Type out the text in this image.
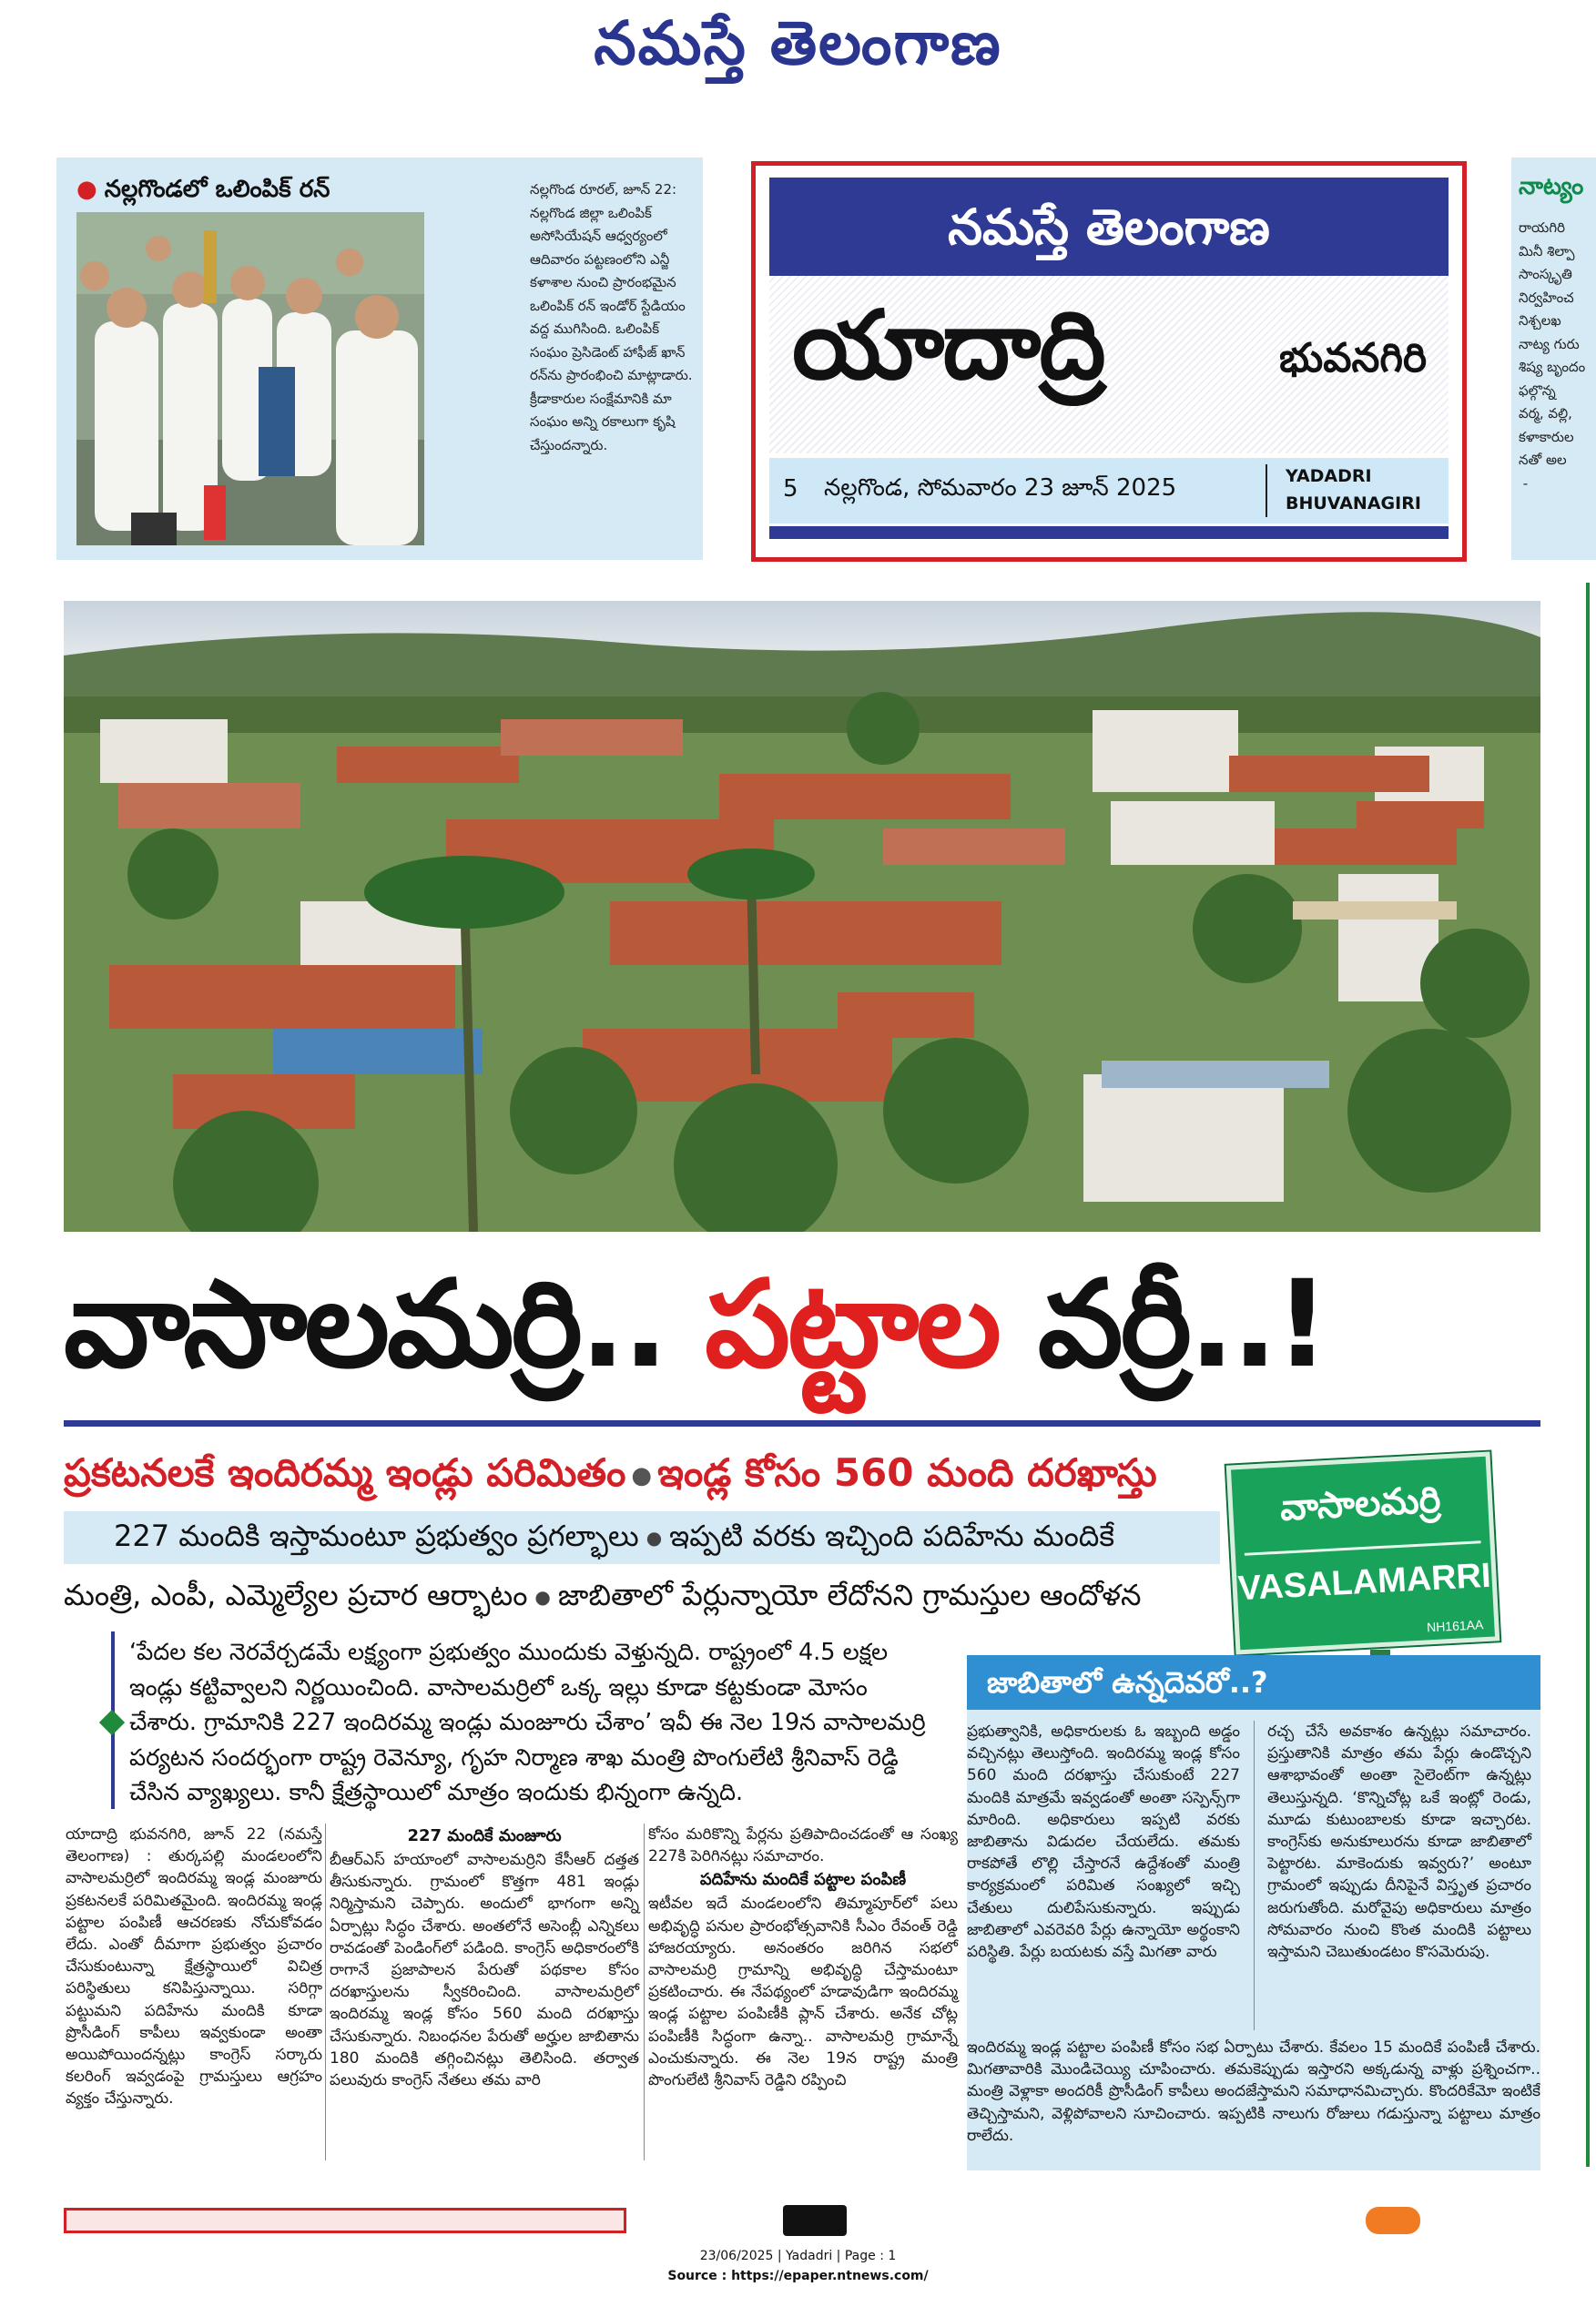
నమస్తే తెలంగాణ
● నల్లగొండలో ఒలింపిక్ రన్	నల్లగొండ రూరల్, జూన్ 22: నల్లగొండ జిల్లా ఒలింపిక్ అసోసియేషన్ ఆధ్వర్యంలో ఆదివారం పట్టణంలోని ఎన్జీ కళాశాల నుంచి ప్రారంభమైన ఒలింపిక్ రన్ ఇండోర్ స్టేడియం వద్ద ముగిసింది. ఒలింపిక్ సంఘం ప్రెసిడెంట్ హాఫీజ్ ఖాన్ రన్‌ను ప్రారంభించి మాట్లాడారు. క్రీడాకారుల సంక్షేమానికి మా సంఘం అన్ని రకాలుగా కృషి చేస్తుందన్నారు.
నమస్తే తెలంగాణ
యాదాద్రి	భువనగిరి
5 నల్లగొండ, సోమవారం 23 జూన్ 2025	YADADRI
BHUVANAGIRI
నాట్యం
రాయగిరి
మినీ శిల్పా
సాంస్కృతి
నిర్వహించ
నిశ్చలఖ
నాట్య గురు
శిష్య బృందం
ఫల్గొన్న
వర్మ, వల్లి,
కళాకారుల
నతో అల
-
వాసాలమర్రి.. పట్టాల వర్రీ..!
ప్రకటనలకే ఇందిరమ్మ ఇండ్లు పరిమితం ● ఇండ్ల కోసం 560 మంది దరఖాస్తు
227 మందికి ఇస్తామంటూ ప్రభుత్వం ప్రగల్భాలు ● ఇప్పటి వరకు ఇచ్చింది పదిహేను మందికే
మంత్రి, ఎంపీ, ఎమ్మెల్యేల ప్రచార ఆర్భాటం ● జాబితాలో పేర్లున్నాయో లేదోనని గ్రామస్తుల ఆందోళన
వాసాలమర్రి
VASALAMARRI
NH161AA
‘పేదల కల నెరవేర్చడమే లక్ష్యంగా ప్రభుత్వం ముందుకు వెళ్తున్నది. రాష్ట్రంలో 4.5 లక్షల ఇండ్లు కట్టివ్వాలని నిర్ణయించింది. వాసాలమర్రిలో ఒక్క ఇల్లు కూడా కట్టకుండా మోసం చేశారు. గ్రామానికి 227 ఇందిరమ్మ ఇండ్లు మంజూరు చేశాం’ ఇవీ ఈ నెల 19న వాసాలమర్రి పర్యటన సందర్భంగా రాష్ట్ర రెవెన్యూ, గృహ నిర్మాణ శాఖ మంత్రి పొంగులేటి శ్రీనివాస్ రెడ్డి చేసిన వ్యాఖ్యలు. కానీ క్షేత్రస్థాయిలో మాత్రం ఇందుకు భిన్నంగా ఉన్నది.
జాబితాలో ఉన్నదెవరో..?
యాదాద్రి భువనగిరి, జూన్ 22 (నమస్తే తెలంగాణ) : తుర్కపల్లి మండలంలోని వాసాలమర్రిలో ఇందిరమ్మ ఇండ్ల మంజూరు ప్రకటనలకే పరిమితమైంది. ఇందిరమ్మ ఇండ్ల పట్టాల పంపిణీ ఆచరణకు నోచుకోవడం లేదు. ఎంతో దీమాగా ప్రభుత్వం ప్రచారం చేసుకుంటున్నా క్షేత్రస్థాయిలో విచిత్ర పరిస్థితులు కనిపిస్తున్నాయి. సరిగ్గా పట్టుమని పదిహేను మందికి కూడా ప్రొసీడింగ్ కాపీలు ఇవ్వకుండా అంతా అయిపోయిందన్నట్లు కాంగ్రెస్ సర్కారు కలరింగ్ ఇవ్వడంపై గ్రామస్తులు ఆగ్రహం వ్యక్తం చేస్తున్నారు.
227 మందికే మంజూరు
బీఆర్ఎస్ హయాంలో వాసాలమర్రిని కేసీఆర్ దత్తత తీసుకున్నారు. గ్రామంలో కొత్తగా 481 ఇండ్లు నిర్మిస్తామని చెప్పారు. అందులో భాగంగా అన్ని ఏర్పాట్లు సిద్ధం చేశారు. అంతలోనే అసెంబ్లీ ఎన్నికలు రావడంతో పెండింగ్‌లో పడింది. కాంగ్రెస్ అధికారంలోకి రాగానే ప్రజాపాలన పేరుతో పథకాల కోసం దరఖాస్తులను స్వీకరించింది. వాసాలమర్రిలో ఇందిరమ్మ ఇండ్ల కోసం 560 మంది దరఖాస్తు చేసుకున్నారు. నిబంధనల పేరుతో అర్హుల జాబితాను 180 మందికి తగ్గించినట్లు తెలిసింది. తర్వాత పలువురు కాంగ్రెస్ నేతలు తమ వారి
కోసం మరికొన్ని పేర్లను ప్రతిపాదించడంతో ఆ సంఖ్య 227కి పెరిగినట్లు సమాచారం.
పదిహేను మందికే పట్టాల పంపిణీ
ఇటీవల ఇదే మండలంలోని తిమ్మాపూర్‌లో పలు అభివృద్ధి పనుల ప్రారంభోత్సవానికి సీఎం రేవంత్ రెడ్డి హాజరయ్యారు. అనంతరం జరిగిన సభలో వాసాలమర్రి గ్రామాన్ని అభివృద్ధి చేస్తామంటూ ప్రకటించారు. ఈ నేపథ్యంలో హడావుడిగా ఇందిరమ్మ ఇండ్ల పట్టాల పంపిణీకి ప్లాన్ చేశారు. అనేక చోట్ల పంపిణీకి సిద్ధంగా ఉన్నా.. వాసాలమర్రి గ్రామాన్నే ఎంచుకున్నారు. ఈ నెల 19న రాష్ట్ర మంత్రి పొంగులేటి శ్రీనివాస్ రెడ్డిని రప్పించి
ప్రభుత్వానికి, అధికారులకు ఓ ఇబ్బంది అడ్డం వచ్చినట్లు తెలుస్తోంది. ఇందిరమ్మ ఇండ్ల కోసం 560 మంది దరఖాస్తు చేసుకుంటే 227 మందికి మాత్రమే ఇవ్వడంతో అంతా సస్పెన్స్‌గా మారింది. అధికారులు ఇప్పటి వరకు జాబితాను విడుదల చేయలేదు. తమకు రాకపోతే లొల్లి చేస్తారనే ఉద్దేశంతో మంత్రి కార్యక్రమంలో పరిమిత సంఖ్యలో ఇచ్చి చేతులు దులిపేసుకున్నారు. ఇప్పుడు జాబితాలో ఎవరెవరి పేర్లు ఉన్నాయో అర్థంకాని పరిస్థితి. పేర్లు బయటకు వస్తే మిగతా వారు
రచ్చ చేసే అవకాశం ఉన్నట్లు సమాచారం. ప్రస్తుతానికి మాత్రం తమ పేర్లు ఉండొచ్చని ఆశాభావంతో అంతా సైలెంట్‌గా ఉన్నట్లు తెలుస్తున్నది. ‘కొన్నిచోట్ల ఒకే ఇంట్లో రెండు, మూడు కుటుంబాలకు కూడా ఇచ్చారట. కాంగ్రెస్‌కు అనుకూలురను కూడా జాబితాలో పెట్టారట. మాకెందుకు ఇవ్వరు?’ అంటూ గ్రామంలో ఇప్పుడు దీనిపైనే విస్తృత ప్రచారం జరుగుతోంది. మరోవైపు అధికారులు మాత్రం సోమవారం నుంచి కొంత మందికి పట్టాలు ఇస్తామని చెబుతుండటం కొసమెరుపు.
ఇందిరమ్మ ఇండ్ల పట్టాల పంపిణీ కోసం సభ ఏర్పాటు చేశారు. కేవలం 15 మందికే పంపిణీ చేశారు. మిగతావారికి మొండిచెయ్యి చూపించారు. తమకెప్పుడు ఇస్తారని అక్కడున్న వాళ్లు ప్రశ్నించగా.. మంత్రి వెళ్లాకా అందరికీ ప్రొసీడింగ్ కాపీలు అందజేస్తామని సమాధానమిచ్చారు. కొందరికేమో ఇంటికే తెచ్చిస్తామని, వెళ్లిపోవాలని సూచించారు. ఇప్పటికి నాలుగు రోజులు గడుస్తున్నా పట్టాలు మాత్రం రాలేదు.
23/06/2025 | Yadadri | Page : 1
Source : https://epaper.ntnews.com/
